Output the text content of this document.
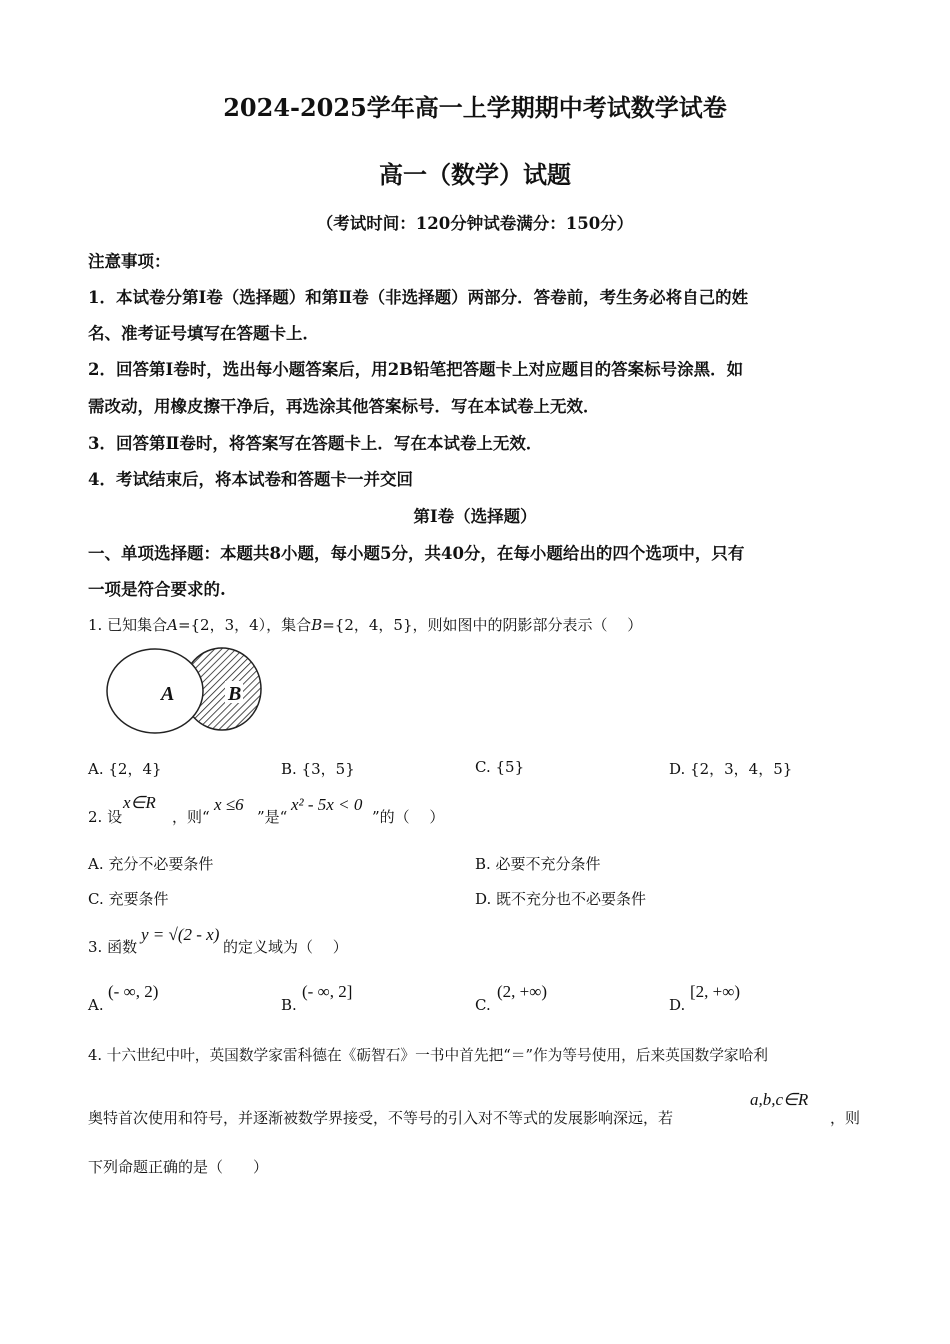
2024-2025学年高一上学期期中考试数学试卷
高一（数学）试题
（考试时间：120分钟试卷满分：150分）
注意事项：
1．本试卷分第Ⅰ卷（选择题）和第Ⅱ卷（非选择题）两部分．答卷前，考生务必将自己的姓
名、准考证号填写在答题卡上．
2．回答第Ⅰ卷时，选出每小题答案后，用2B铅笔把答题卡上对应题目的答案标号涂黑．如
需改动，用橡皮擦干净后，再选涂其他答案标号．写在本试卷上无效．
3．回答第Ⅱ卷时，将答案写在答题卡上．写在本试卷上无效．
4．考试结束后，将本试卷和答题卡一并交回
第I卷（选择题）
一、单项选择题：本题共8小题，每小题5分，共40分，在每小题给出的四个选项中，只有
一项是符合要求的.
1. 已知集合A={2，3，4），集合B={2，4，5}，则如图中的阴影部分表示（　 ）
A	B
A. {2，4}	B. {3，5}	C. {5}	D. {2，3，4，5}
2. 设
x∈R
，则“
x ≤6
”是“
x² - 5x < 0
”的（　 ）
A. 充分不必要条件	B. 必要不充分条件
C. 充要条件	D. 既不充分也不必要条件
3. 函数
y = √(2 - x)
的定义域为（　 ）
A.
(- ∞, 2)
B.
(- ∞, 2]
C.
(2, +∞)
D.
[2, +∞)
4. 十六世纪中叶，英国数学家雷科德在《砺智石》一书中首先把“＝”作为等号使用，后来英国数学家哈利
奥特首次使用和符号，并逐渐被数学界接受，不等号的引入对不等式的发展影响深远，若
a,b,c∈R
，则
下列命题正确的是（　　）
